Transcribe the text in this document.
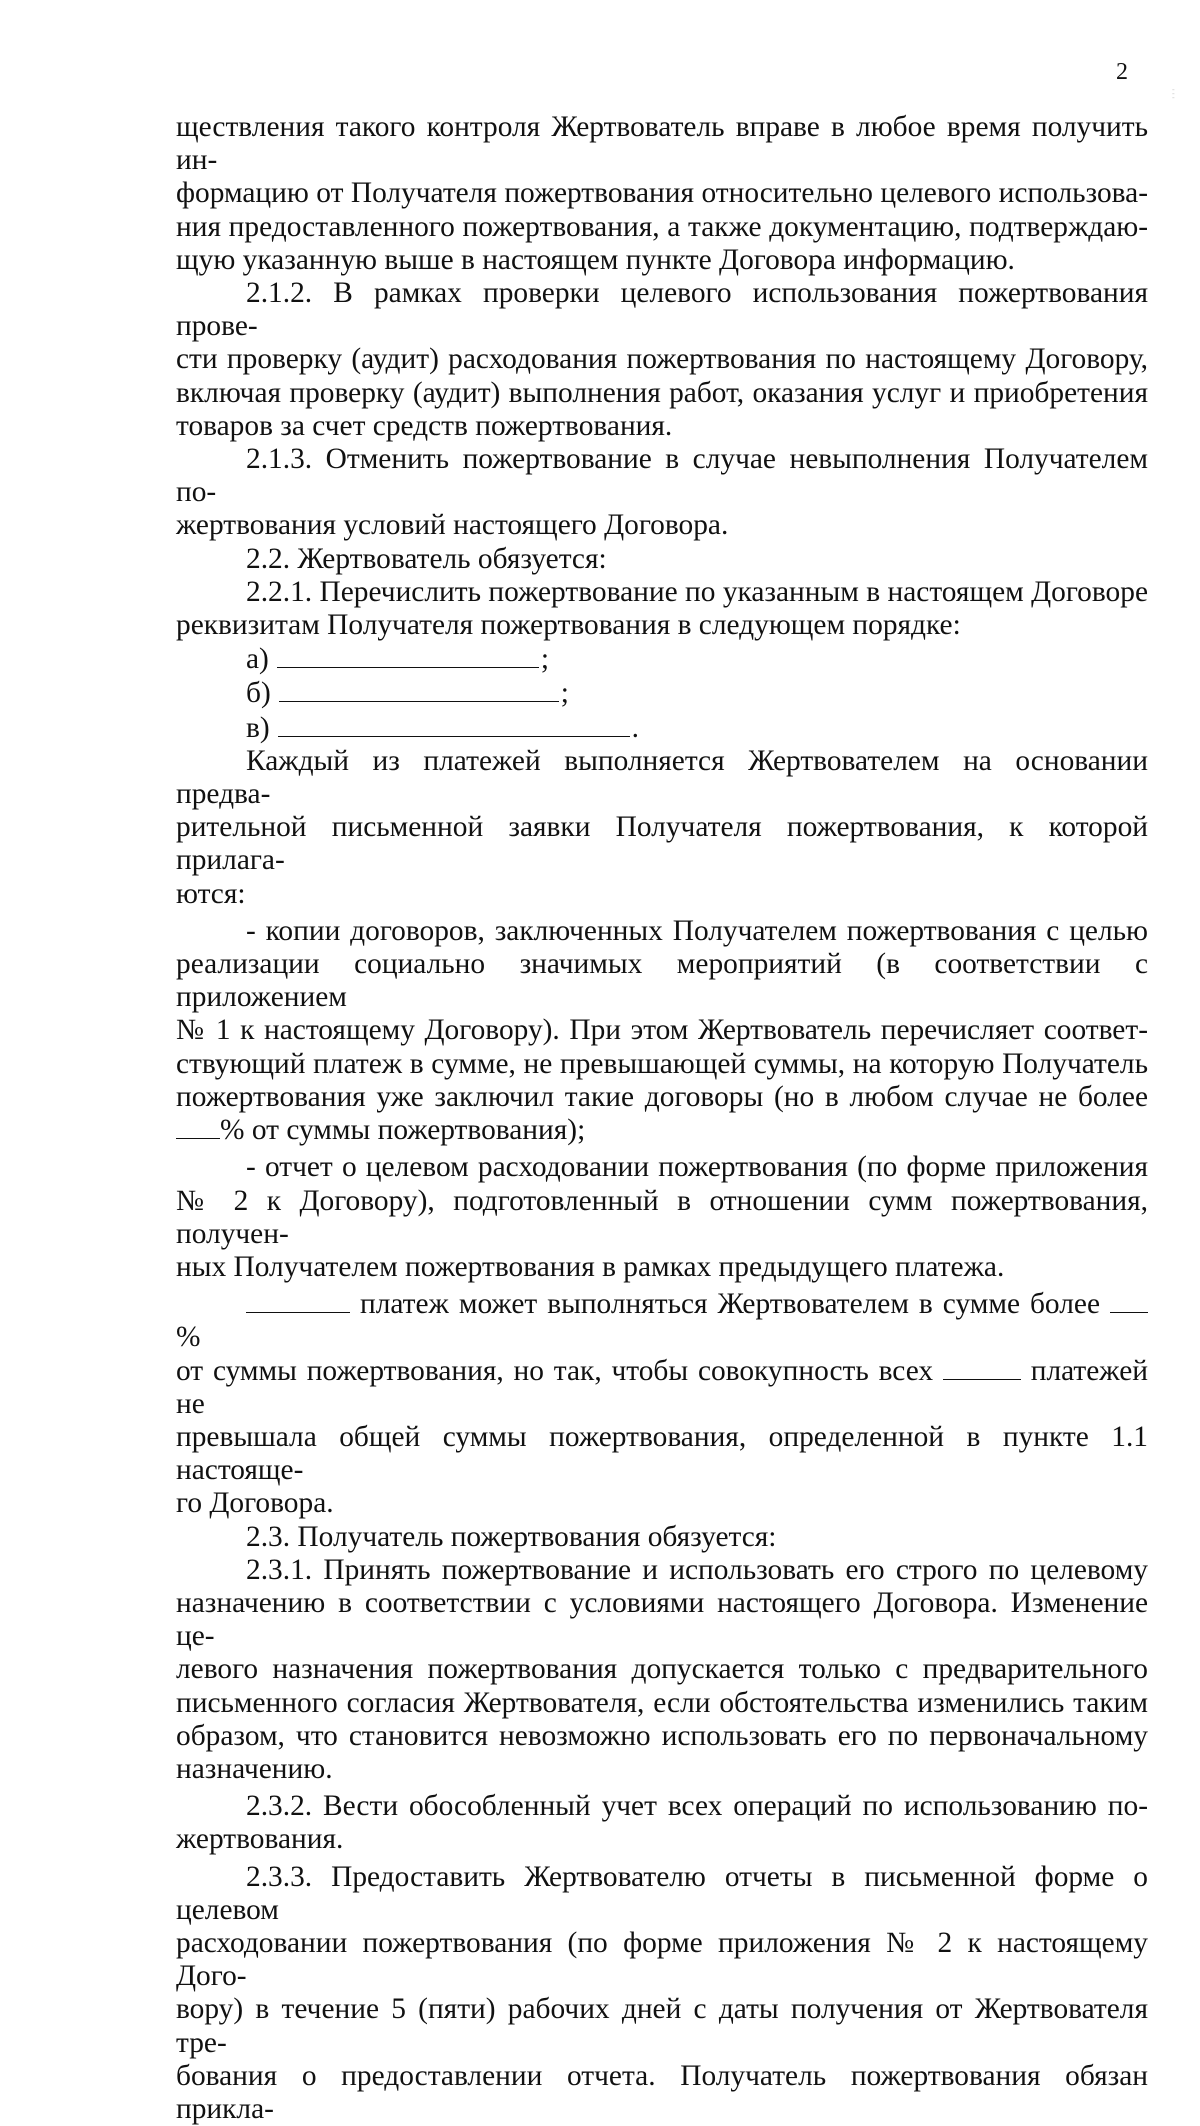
2
- - -

ществления такого контроля Жертвователь вправе в любое время получить ин-

формацию от Получателя пожертвования относительно целевого использова-

ния предоставленного пожертвования, а также документацию, подтверждаю-

щую указанную выше в настоящем пункте Договора информацию.

2.1.2. В рамках проверки целевого использования пожертвования прове-

сти проверку (аудит) расходования пожертвования по настоящему Договору,

включая проверку (аудит) выполнения работ, оказания услуг и приобретения

товаров за счет средств пожертвования.

2.1.3. Отменить пожертвование в случае невыполнения Получателем по-

жертвования условий настоящего Договора.

2.2. Жертвователь обязуется:

2.2.1. Перечислить пожертвование по указанным в настоящем Договоре

реквизитам Получателя пожертвования в следующем порядке:

а)	;

б)	;

в)	.

Каждый из платежей выполняется Жертвователем на основании предва-

рительной письменной заявки Получателя пожертвования, к которой прилага-

ются:

- копии договоров, заключенных Получателем пожертвования с целью

реализации социально значимых мероприятий (в соответствии с приложением

№ 1 к настоящему Договору). При этом Жертвователь перечисляет соответ-

ствующий платеж в сумме, не превышающей суммы, на которую Получатель

пожертвования уже заключил такие договоры (но в любом случае не более

% от суммы пожертвования);

- отчет о целевом расходовании пожертвования (по форме приложения

№ 2 к Договору), подготовленный в отношении сумм пожертвования, получен-

ных Получателем пожертвования в рамках предыдущего платежа.

платеж может выполняться Жертвователем в сумме более %

от суммы пожертвования, но так, чтобы совокупность всех	платежей не

превышала общей суммы пожертвования, определенной в пункте 1.1 настояще-

го Договора.

2.3. Получатель пожертвования обязуется:

2.3.1. Принять пожертвование и использовать его строго по целевому

назначению в соответствии с условиями настоящего Договора. Изменение це-

левого назначения пожертвования допускается только с предварительного

письменного согласия Жертвователя, если обстоятельства изменились таким

образом, что становится невозможно использовать его по первоначальному

назначению.

2.3.2. Вести обособленный учет всех операций по использованию по-

жертвования.

2.3.3. Предоставить Жертвователю отчеты в письменной форме о целевом

расходовании пожертвования (по форме приложения № 2 к настоящему Дого-

вору) в течение 5 (пяти) рабочих дней с даты получения от Жертвователя тре-

бования о предоставлении отчета. Получатель пожертвования обязан прикла-
